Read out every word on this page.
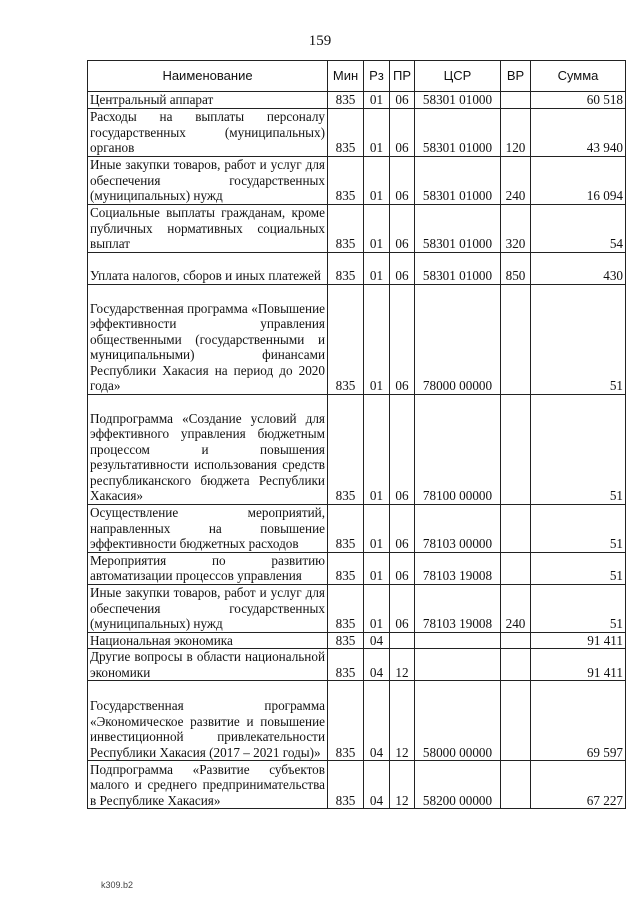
159
Наименование	Мин	Рз	ПР	ЦСР	ВР	Сумма
Центральный аппарат	835	01	06	58301 01000		60 518
Расходы на выплаты персоналу государственных (муниципальных) органов	835	01	06	58301 01000	120	43 940
Иные закупки товаров, работ и услуг для обеспечения государственных (муниципальных) нужд	835	01	06	58301 01000	240	16 094
Социальные выплаты гражданам, кроме публичных нормативных социальных выплат	835	01	06	58301 01000	320	54
Уплата налогов, сборов и иных платежей	835	01	06	58301 01000	850	430
Государственная программа «Повышение эффективности управления общественными (государственными и муниципальными) финансами Республики Хакасия на период до 2020 года»	835	01	06	78000 00000		51
Подпрограмма «Создание условий для эффективного управления бюджетным процессом и повышения результативности использования средств республиканского бюджета Республики Хакасия»	835	01	06	78100 00000		51
Осуществление мероприятий, направленных на повышение эффективности бюджетных расходов	835	01	06	78103 00000		51
Мероприятия по развитию автоматизации процессов управления	835	01	06	78103 19008		51
Иные закупки товаров, работ и услуг для обеспечения государственных (муниципальных) нужд	835	01	06	78103 19008	240	51
Национальная экономика	835	04				91 411
Другие вопросы в области национальной экономики	835	04	12			91 411
Государственная программа «Экономическое развитие и повышение инвестиционной привлекательности Республики Хакасия (2017 – 2021 годы)»	835	04	12	58000 00000		69 597
Подпрограмма «Развитие субъектов малого и среднего предпринимательства в Республике Хакасия»	835	04	12	58200 00000		67 227
k309.b2
